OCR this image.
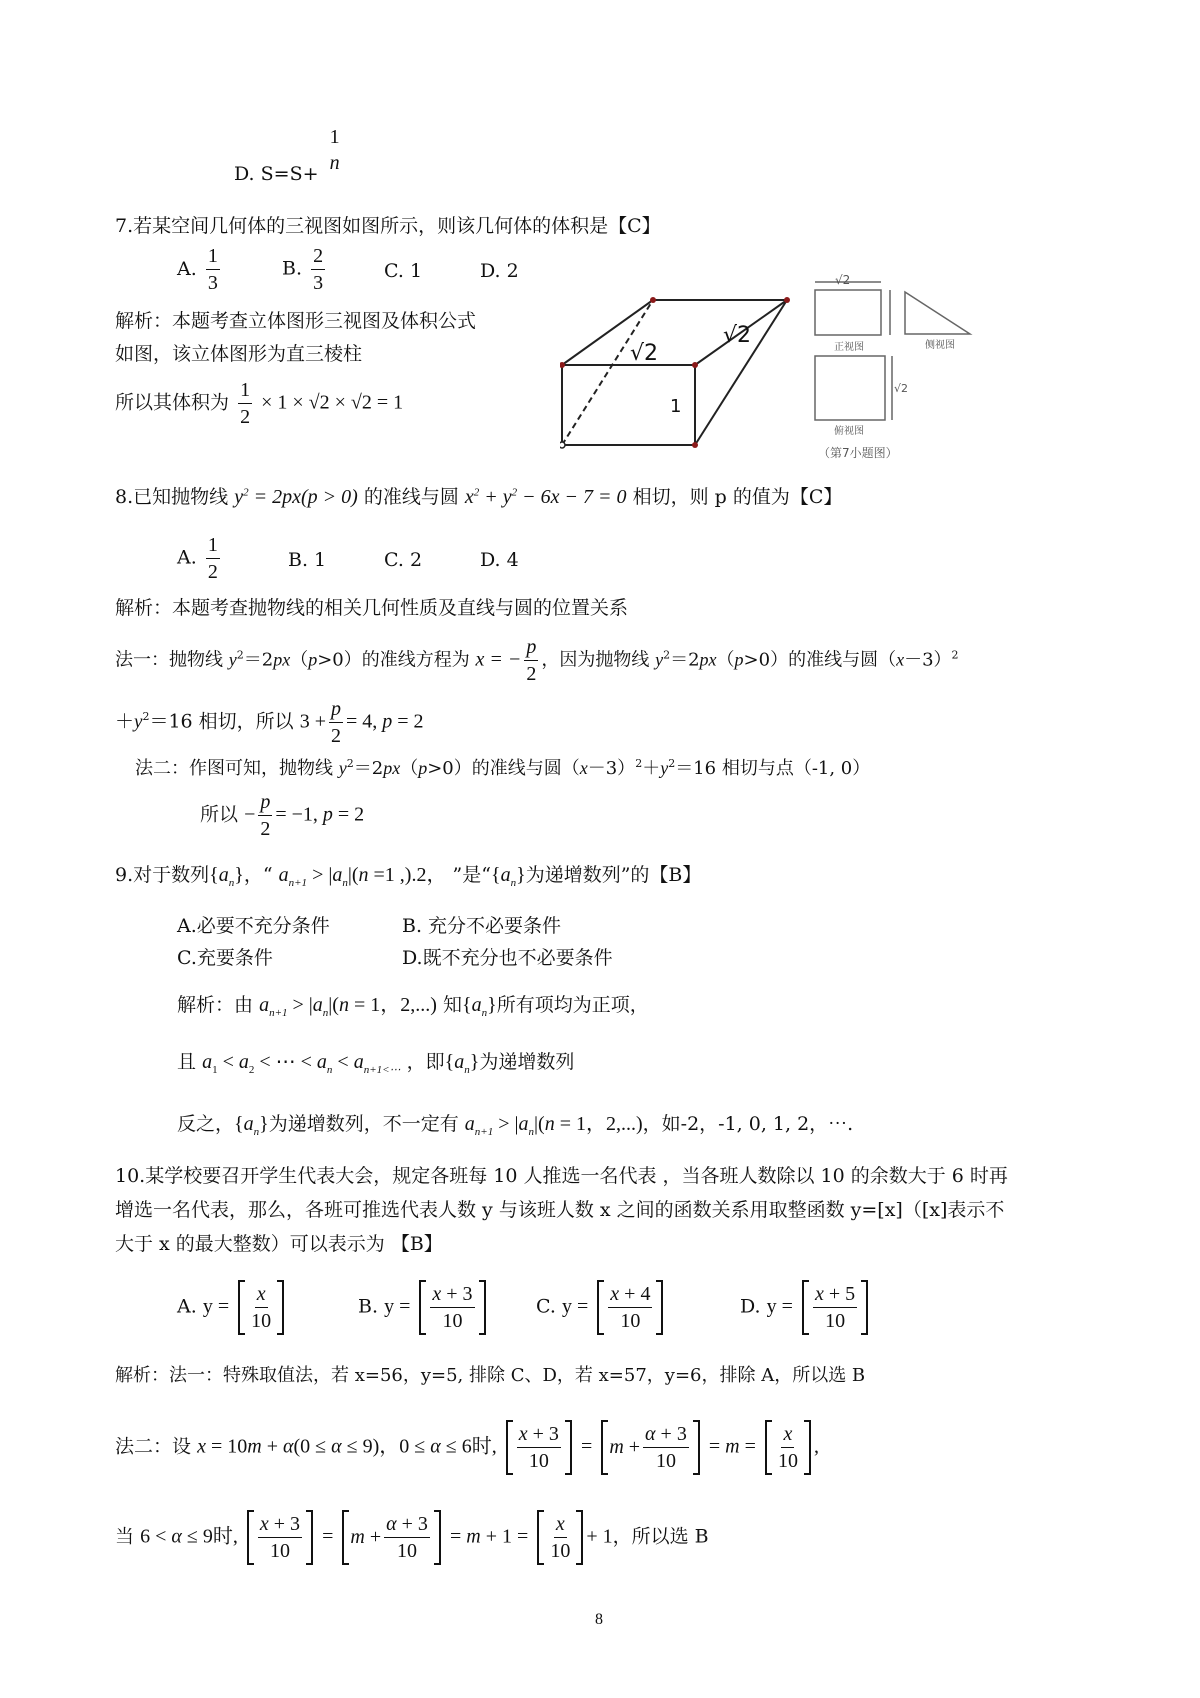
D. S=S+
1
n
7.若某空间几何体的三视图如图所示，则该几何体的体积是【C】
A. $\frac{1}{3}$	B. $\frac{2}{3}$	C. 1	D. 2
解析：本题考查立体图形三视图及体积公式
如图，该立体图形为直三棱柱
所以其体积为 $\frac{1}{2} \times 1 \times √2 \times √2 = 1$
√2
√2
1
√2
正视图	侧视图
√2
俯视图
（第7小题图）
8.已知抛物线 $y^2 = 2px(p > 0)$ 的准线与圆 $x^2 + y^2 - 6x - 7 = 0$ 相切，则 p 的值为【C】
A. $\frac{1}{2}$	B. 1	C. 2	D. 4
解析：本题考查抛物线的相关几何性质及直线与圆的位置关系
法一：抛物线 $y^2=2px(p>0)$的准线方程为 x = − $\frac{p}{2}$ ，因为抛物线 $y^2=2px(p>0)$的准线与圆$(x-3)^2$
$+y^2=16$ 相切，所以 $3 + \frac{p}{2} = 4$, p = 2
法二：作图可知，抛物线 $y^2=2px(p>0)$的准线与圆$(x-3)^2+y^2=16$ 相切与点（-1, 0）
所以 − $\frac{p}{2} = -1$, p = 2
9.对于数列$\{a_n\}$，“ $a_{n+1} > |a_n|(n =1$ ,).2， ”是“$\{a_n\}$为递增数列”的【B】
A.必要不充分条件	B. 充分不必要条件
C.充要条件	D.既不充分也不必要条件
解析：由 $a_{n+1} > |a_n|(n = 1$，2,...) 知$\{a_n\}$所有项均为正项，
且 $a_1 < a_2$ < ⋯ < $a_n < a_{n+1<\cdots}$ ，即$\{a_n\}$为递增数列
反之，$\{a_n\}$为递增数列，不一定有 $a_{n+1} > |a_n|(n = 1$，2,...)，如-2，-1, 0, 1, 2，⋯.
10.某学校要召开学生代表大会，规定各班每 10 人推选一名代表 ，当各班人数除以 10 的余数大于 6 时再
增选一名代表，那么，各班可推选代表人数 y 与该班人数 x 之间的函数关系用取整函数 y=[x]（[x]表示不
大于 x 的最大整数）可以表示为 【B】
A. $y = \frac{x}{10}$	B. $y = \frac{x + 3}{10}$	C. $y = \frac{x + 4}{10}$	D. $y = \frac{x + 5}{10}$
解析：法一：特殊取值法，若 x=56，y=5, 排除 C、D，若 x=57，y=6，排除 A，所以选 B
法二：设 x = 10m + α(0 ≤ α ≤ 9)，0 ≤ α ≤ 6时, $\frac{x + 3}{10} = m + \frac{\alpha + 3}{10} = m = \frac{x}{10}$ ,
当 6 < α ≤ 9时, $\frac{x + 3}{10} = m + \frac{\alpha + 3}{10} = m + 1 = \frac{x}{10} + 1$，所以选 B
8
